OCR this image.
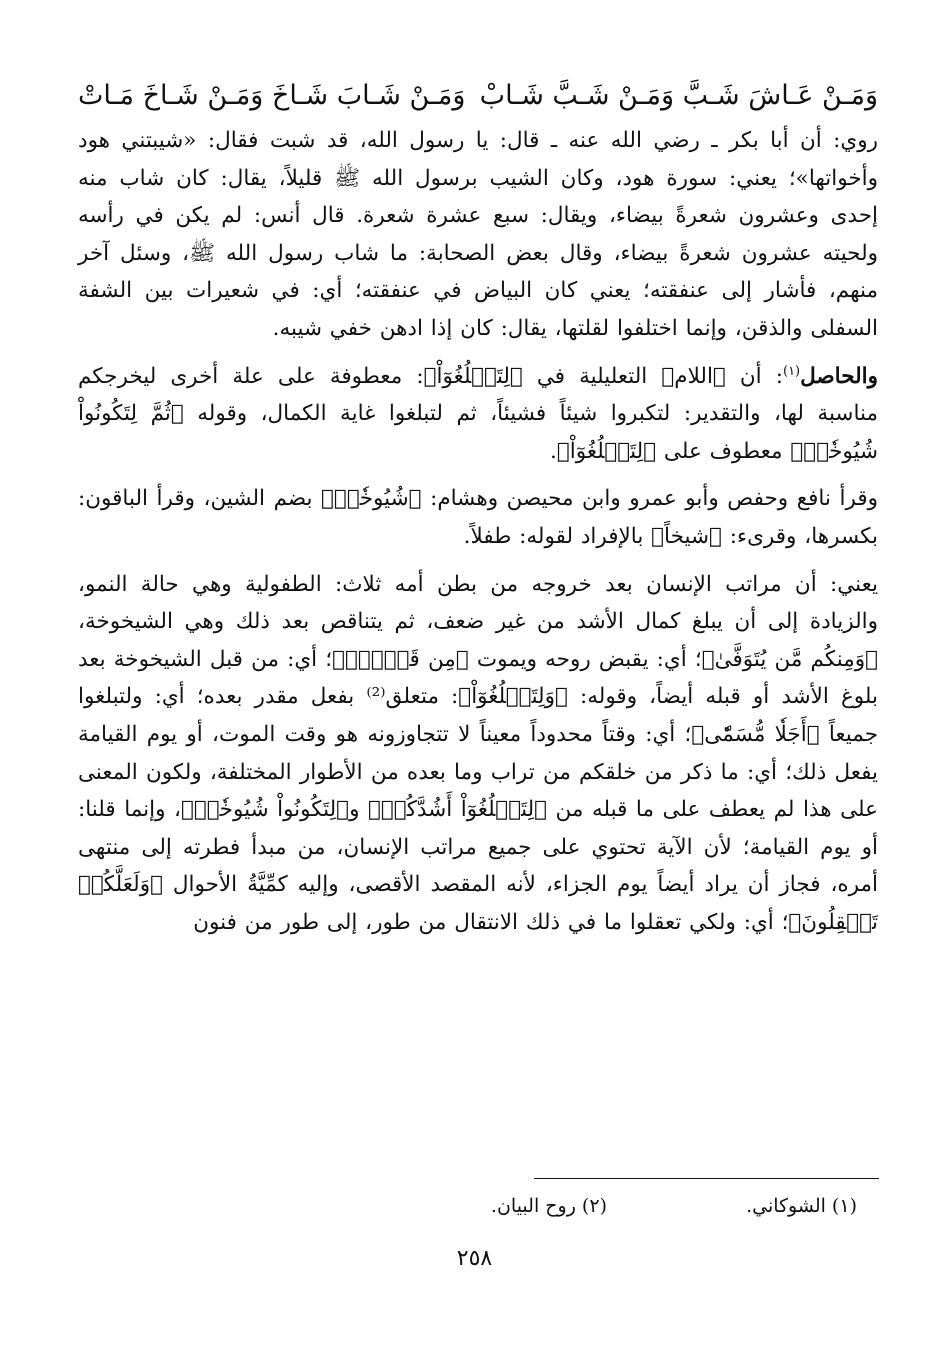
وَمَـنْ عَـاشَ شَـبَّ وَمَـنْ شَـبَّ شَـابْ
وَمَـنْ شَـابَ شَـاخَ وَمَـنْ شَـاخَ مَـاتْ

روي: أن أبا بكر ـ رضي الله عنه ـ قال: يا رسول الله، قد شبت فقال: «شيبتني هود وأخواتها»؛ يعني: سورة هود، وكان الشيب برسول الله ﷺ قليلاً، يقال: كان شاب منه إحدى وعشرون شعرةً بيضاء، ويقال: سبع عشرة شعرة. قال أنس: لم يكن في رأسه ولحيته عشرون شعرةً بيضاء، وقال بعض الصحابة: ما شاب رسول الله ﷺ، وسئل آخر منهم، فأشار إلى عنفقته؛ يعني كان البياض في عنفقته؛ أي: في شعيرات بين الشفة السفلى والذقن، وإنما اختلفوا لقلتها، يقال: كان إذا ادهن خفي شيبه.

والحاصل$^{(١)}$: أن ﴿اللام﴾ التعليلية في ﴿لِتَبۡلُغُوٓاْ﴾: معطوفة على علة أخرى ليخرجكم مناسبة لها، والتقدير: لتكبروا شيئاً فشيئاً، ثم لتبلغوا غاية الكمال، وقوله ﴿ثُمَّ لِتَكُونُواْ شُيُوخٗاۚ﴾ معطوف على ﴿لِتَبۡلُغُوٓاْ﴾.

وقرأ نافع وحفص وأبو عمرو وابن محيصن وهشام: ﴿شُيُوخٗاۚ﴾ بضم الشين، وقرأ الباقون: بكسرها، وقرىء: ﴿شيخاً﴾ بالإفراد لقوله: طفلاً.

يعني: أن مراتب الإنسان بعد خروجه من بطن أمه ثلاث: الطفولية وهي حالة النمو، والزيادة إلى أن يبلغ كمال الأشد من غير ضعف، ثم يتناقص بعد ذلك وهي الشيخوخة، ﴿وَمِنكُم مَّن يُتَوَفَّىٰ﴾؛ أي: يقبض روحه ويموت ﴿مِن قَبۡلُۖ﴾؛ أي: من قبل الشيخوخة بعد بلوغ الأشد أو قبله أيضاً، وقوله: ﴿وَلِتَبۡلُغُوٓاْ﴾: متعلق⁽²⁾ بفعل مقدر بعده؛ أي: ولتبلغوا جميعاً ﴿أَجَلٗا مُّسَمّٗى﴾؛ أي: وقتاً محدوداً معيناً لا تتجاوزونه هو وقت الموت، أو يوم القيامة يفعل ذلك؛ أي: ما ذكر من خلقكم من تراب وما بعده من الأطوار المختلفة، ولكون المعنى على هذا لم يعطف على ما قبله من ﴿لِتَبۡلُغُوٓاْ أَشُدَّكُمۡ﴾ و﴿لِتَكُونُواْ شُيُوخٗاۚ﴾، وإنما قلنا: أو يوم القيامة؛ لأن الآية تحتوي على جميع مراتب الإنسان، من مبدأ فطرته إلى منتهى أمره، فجاز أن يراد أيضاً يوم الجزاء، لأنه المقصد الأقصى، وإليه كمِّيَّةُ الأحوال ﴿وَلَعَلَّكُمۡ تَعۡقِلُونَ﴾؛ أي: ولكي تعقلوا ما في ذلك الانتقال من طور، إلى طور من فنون

(١) الشوكاني.
(٢) روح البيان.
٢٥٨
